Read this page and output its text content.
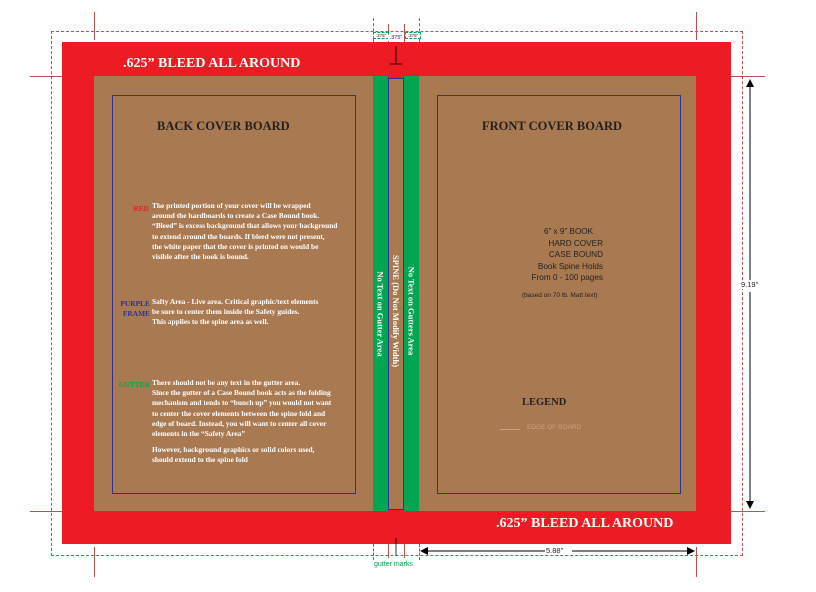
.625” BLEED ALL AROUND
.625” BLEED ALL AROUND
No Text on Gutter Area SPINE (Do Not Modify Width) No Text on Gutters Area
BACK COVER BOARD
RED The printed portion of your cover will be wrapped
around the hardboards to create a Case Bound book.
“Bleed” is excess background that allows your background
to extend around the boards. If bleed were not present,
the white paper that the cover is printed on would be
visible after the book is bound.
PURPLE FRAME
Safty Area - Live area. Critical graphic/text elements
be sure to center them inside the Safety guides.
This applies to the spine area as well.
GUTTER There should not be any text in the gutter area.
Since the gutter of a Case Bound book acts as the folding
mechanism and tends to “bunch up” you would not want
to center the cover elements between the spine fold and
edge of board. Instead, you will want to center all cover
elements in the “Safety Area”
However, background graphics or solid colors used,
should extend to the spine fold
FRONT COVER BOARD
6” x 9” BOOK
HARD COVER
CASE BOUND
Book Spine Holds
From 0 - 100 pages
(based on 70 lb. Matt text)
LEGEND
EDGE OF BOARD
.375” .375”	.375”
gutter marks
9.19”
5.88”
